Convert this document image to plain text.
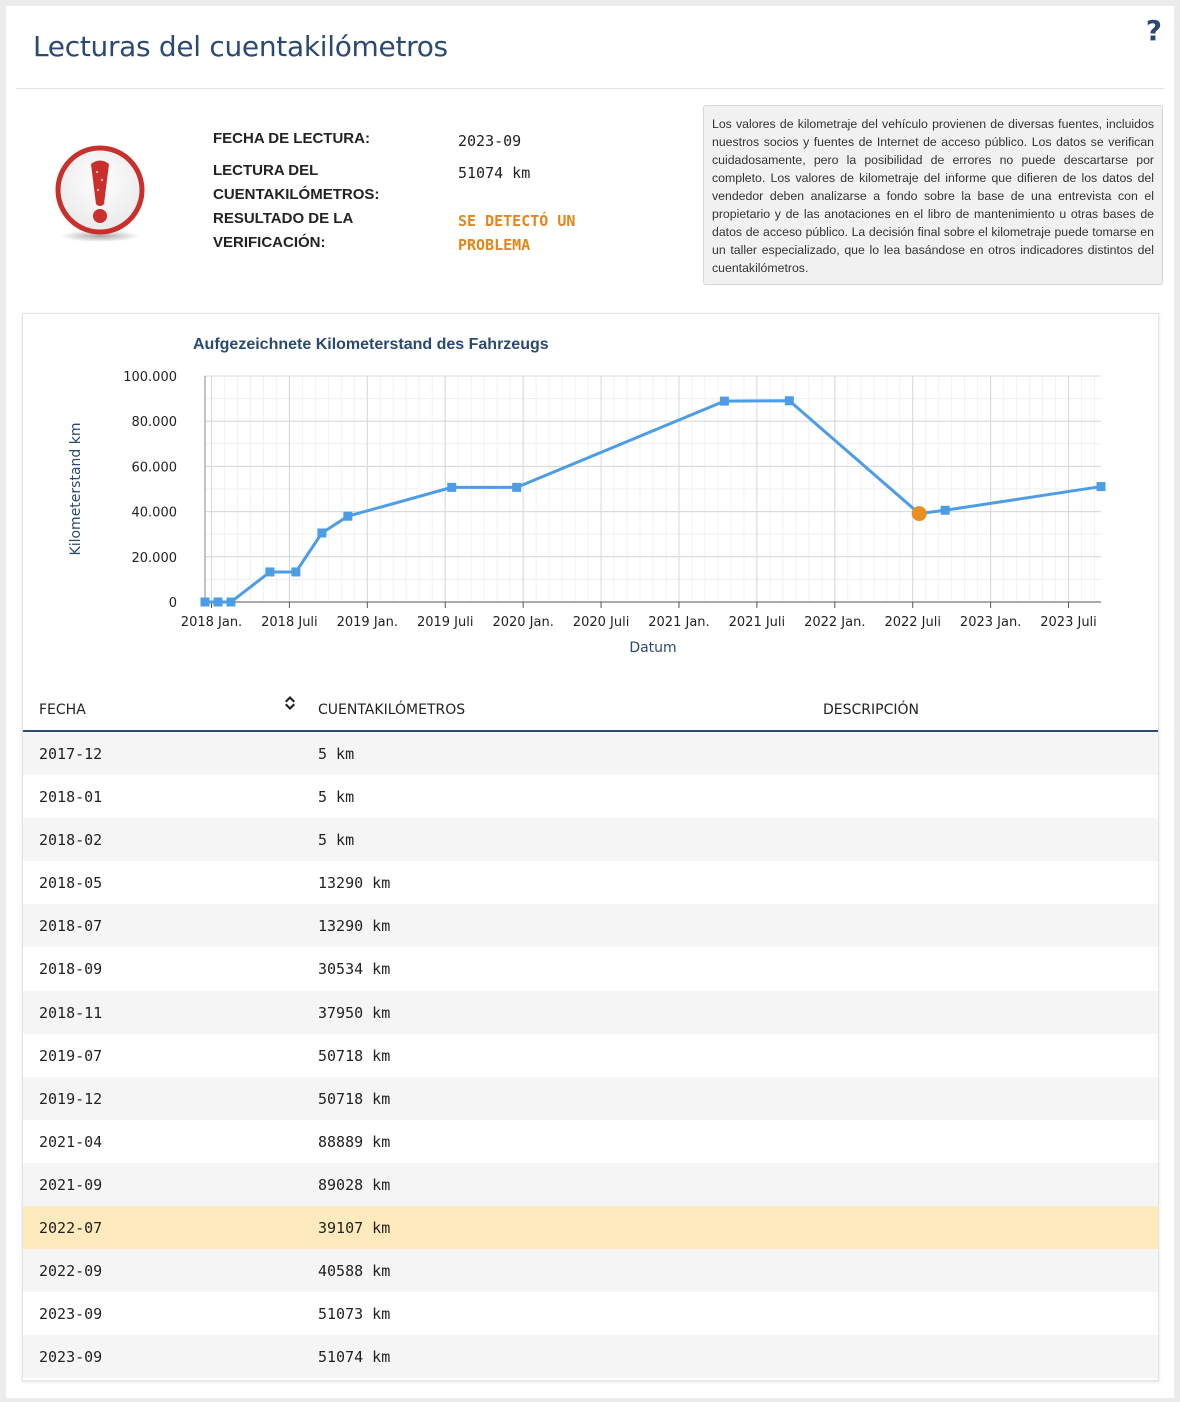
Lecturas del cuentakilómetros	?
FECHA DE LECTURA:	2023-09
LECTURA DEL CUENTAKILÓMETROS:
51074 km
RESULTADO DE LA VERIFICACIÓN:
SE DETECTÓ UN PROBLEMA
Los valores de kilometraje del vehículo provienen de diversas fuentes, incluidos nuestros socios y fuentes de Internet de acceso público. Los datos se verifican cuidadosamente, pero la posibilidad de errores no puede descartarse por completo. Los valores de kilometraje del informe que difieren de los datos del vendedor deben analizarse a fondo sobre la base de una entrevista con el propietario y de las anotaciones en el libro de mantenimiento u otras bases de datos de acceso público. La decisión final sobre el kilometraje puede tomarse en un taller especializado, que lo lea basándose en otros indicadores distintos del cuentakilómetros.
Aufgezeichnete Kilometerstand des Fahrzeugs
0
20.000
40.000
60.000
80.000
100.000
2018 Jan. 2018 Juli 2019 Jan. 2019 Juli 2020 Jan. 2020 Juli 2021 Jan. 2021 Juli 2022 Jan. 2022 Juli 2023 Jan. 2023 Juli
Datum
Kilometerstand km
FECHA	CUENTAKILÓMETROS	DESCRIPCIÓN
2017-12	5 km
2018-01	5 km
2018-02	5 km
2018-05	13290 km
2018-07	13290 km
2018-09	30534 km
2018-11	37950 km
2019-07	50718 km
2019-12	50718 km
2021-04	88889 km
2021-09	89028 km
2022-07	39107 km
2022-09	40588 km
2023-09	51073 km
2023-09	51074 km
